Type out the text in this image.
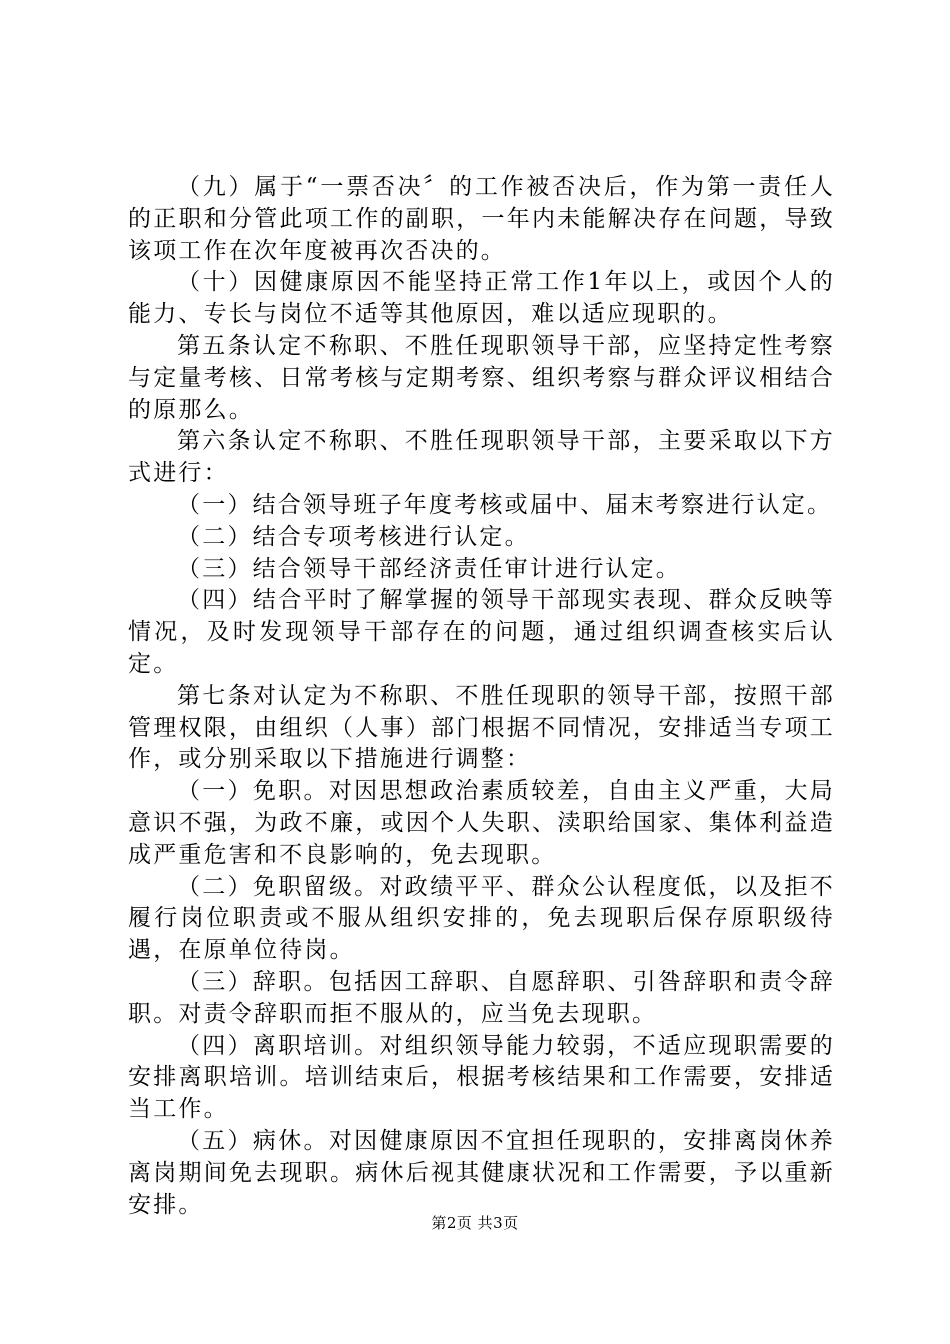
（九）属于“一票否决〞的工作被否决后，作为第一责任人的正职和分管此项工作的副职，一年内未能解决存在问题，导致该项工作在次年度被再次否决的。

（十）因健康原因不能坚持正常工作1年以上，或因个人的能力、专长与岗位不适等其他原因，难以适应现职的。

第五条认定不称职、不胜任现职领导干部，应坚持定性考察与定量考核、日常考核与定期考察、组织考察与群众评议相结合的原那么。

第六条认定不称职、不胜任现职领导干部，主要采取以下方式进行：

（一）结合领导班子年度考核或届中、届末考察进行认定。

（二）结合专项考核进行认定。

（三）结合领导干部经济责任审计进行认定。

（四）结合平时了解掌握的领导干部现实表现、群众反映等情况，及时发现领导干部存在的问题，通过组织调查核实后认定。

第七条对认定为不称职、不胜任现职的领导干部，按照干部管理权限，由组织（人事）部门根据不同情况，安排适当专项工作，或分别采取以下措施进行调整：

（一）免职。对因思想政治素质较差，自由主义严重，大局意识不强，为政不廉，或因个人失职、渎职给国家、集体利益造成严重危害和不良影响的，免去现职。

（二）免职留级。对政绩平平、群众公认程度低，以及拒不履行岗位职责或不服从组织安排的，免去现职后保存原职级待遇，在原单位待岗。

（三）辞职。包括因工辞职、自愿辞职、引咎辞职和责令辞职。对责令辞职而拒不服从的，应当免去现职。

（四）离职培训。对组织领导能力较弱，不适应现职需要的安排离职培训。培训结束后，根据考核结果和工作需要，安排适当工作。

（五）病休。对因健康原因不宜担任现职的，安排离岗休养离岗期间免去现职。病休后视其健康状况和工作需要，予以重新安排。

第2页 共3页
